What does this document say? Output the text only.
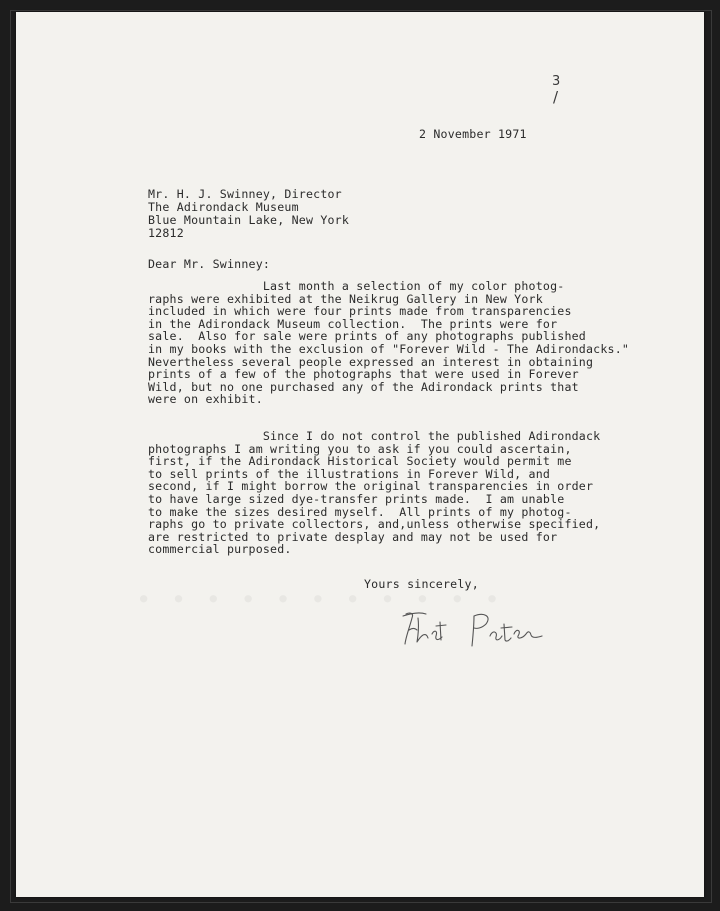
3
/
2 November 1971
Mr. H. J. Swinney, Director
The Adirondack Museum
Blue Mountain Lake, New York
12812
Dear Mr. Swinney:
Last month a selection of my color photog-
raphs were exhibited at the Neikrug Gallery in New York
included in which were four prints made from transparencies
in the Adirondack Museum collection.  The prints were for
sale.  Also for sale were prints of any photographs published
in my books with the exclusion of "Forever Wild - The Adirondacks."
Nevertheless several people expressed an interest in obtaining
prints of a few of the photographs that were used in Forever
Wild, but no one purchased any of the Adirondack prints that
were on exhibit.
Since I do not control the published Adirondack
photographs I am writing you to ask if you could ascertain,
first, if the Adirondack Historical Society would permit me
to sell prints of the illustrations in Forever Wild, and
second, if I might borrow the original transparencies in order
to have large sized dye-transfer prints made.  I am unable
to make the sizes desired myself.  All prints of my photog-
raphs go to private collectors, and,unless otherwise specified,
are restricted to private desplay and may not be used for
commercial purposed.
Yours sincerely,
